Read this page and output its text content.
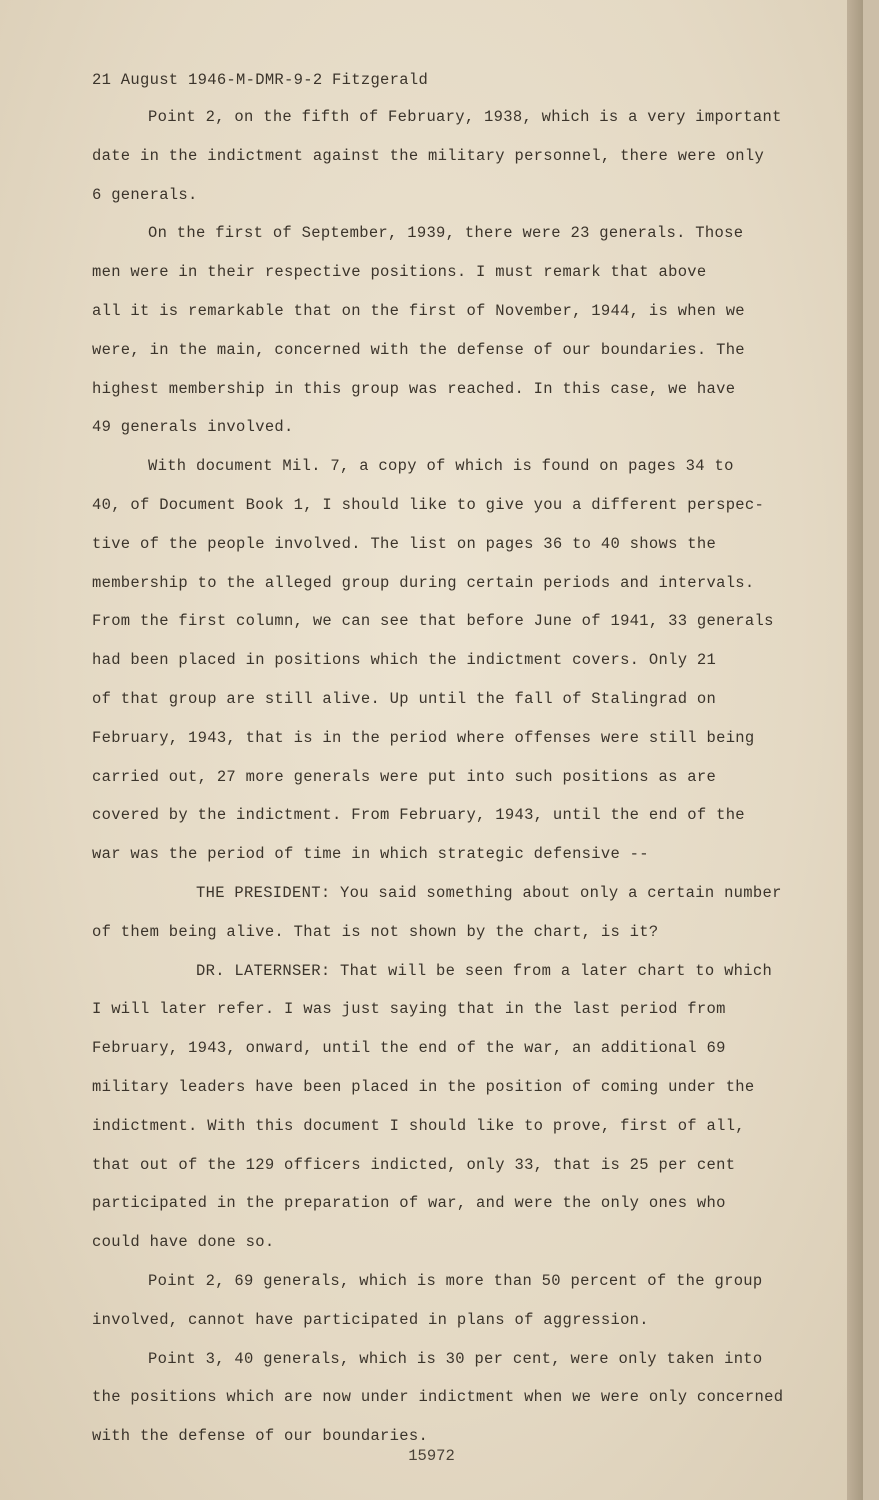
21 August 1946-M-DMR-9-2 Fitzgerald
Point 2, on the fifth of February, 1938, which is a very important
date in the indictment against the military personnel, there were only
6 generals.
On the first of September, 1939, there were 23 generals. Those
men were in their respective positions. I must remark that above
all it is remarkable that on the first of November, 1944, is when we
were, in the main, concerned with the defense of our boundaries. The
highest membership in this group was reached. In this case, we have
49 generals involved.
With document Mil. 7, a copy of which is found on pages 34 to
40, of Document Book 1, I should like to give you a different perspec-
tive of the people involved. The list on pages 36 to 40 shows the
membership to the alleged group during certain periods and intervals.
From the first column, we can see that before June of 1941, 33 generals
had been placed in positions which the indictment covers. Only 21
of that group are still alive. Up until the fall of Stalingrad on
February, 1943, that is in the period where offenses were still being
carried out, 27 more generals were put into such positions as are
covered by the indictment. From February, 1943, until the end of the
war was the period of time in which strategic defensive --
THE PRESIDENT: You said something about only a certain number
of them being alive. That is not shown by the chart, is it?
DR. LATERNSER: That will be seen from a later chart to which
I will later refer. I was just saying that in the last period from
February, 1943, onward, until the end of the war, an additional 69
military leaders have been placed in the position of coming under the
indictment. With this document I should like to prove, first of all,
that out of the 129 officers indicted, only 33, that is 25 per cent
participated in the preparation of war, and were the only ones who
could have done so.
Point 2, 69 generals, which is more than 50 percent of the group
involved, cannot have participated in plans of aggression.
Point 3, 40 generals, which is 30 per cent, were only taken into
the positions which are now under indictment when we were only concerned
with the defense of our boundaries.
15972
